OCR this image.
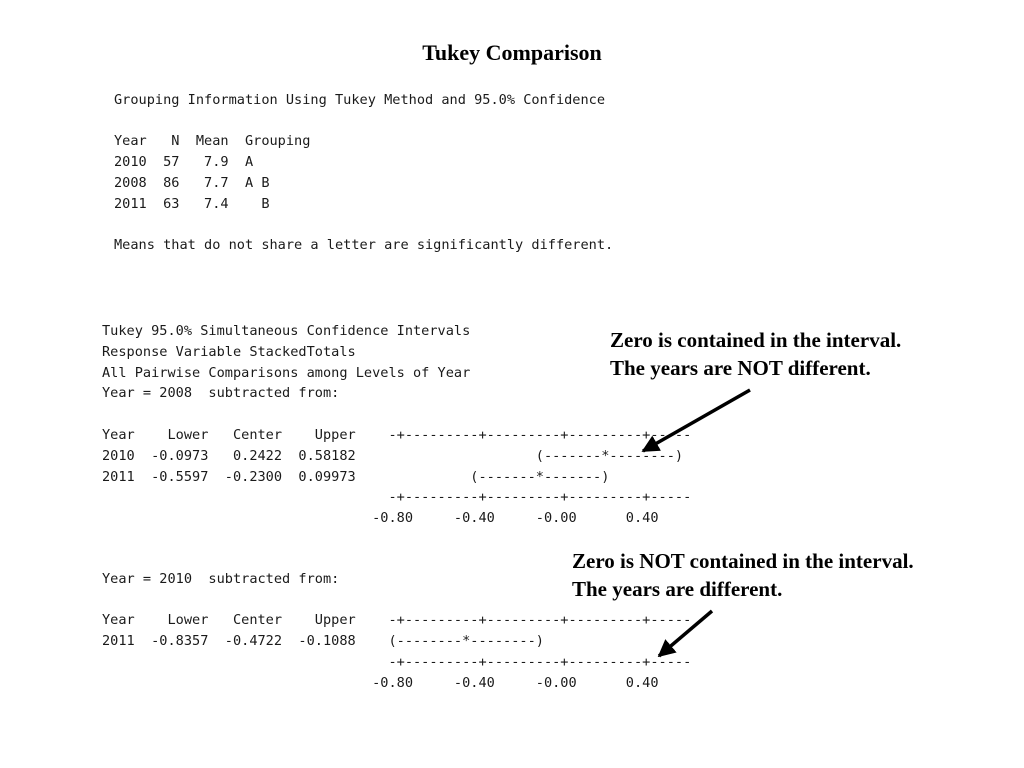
Tukey Comparison
Grouping Information Using Tukey Method and 95.0% Confidence

Year   N  Mean  Grouping
2010  57   7.9  A
2008  86   7.7  A B
2011  63   7.4    B

Means that do not share a letter are significantly different.
Tukey 95.0% Simultaneous Confidence Intervals
Response Variable StackedTotals
All Pairwise Comparisons among Levels of Year
Year = 2008  subtracted from:

Year    Lower   Center    Upper    -+---------+---------+---------+-----
2010  -0.0973   0.2422  0.58182                      (-------*--------)
2011  -0.5597  -0.2300  0.09973              (-------*-------)
-+---------+---------+---------+-----
-0.80     -0.40     -0.00      0.40
Year = 2010  subtracted from:

Year    Lower   Center    Upper    -+---------+---------+---------+-----
2011  -0.8357  -0.4722  -0.1088    (--------*--------)
-+---------+---------+---------+-----
-0.80     -0.40     -0.00      0.40
Zero is contained in the interval.
The years are NOT different.
Zero is NOT contained in the interval.
The years are different.
